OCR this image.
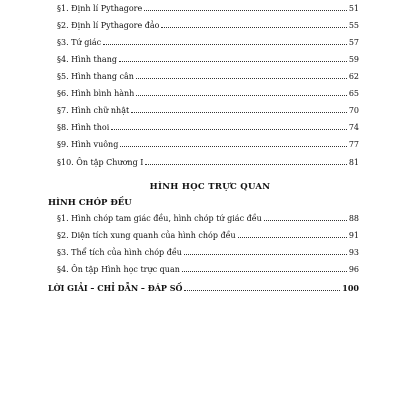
§1. Định lí Pythagore	51
§2. Định lí Pythagore đảo	55
§3. Tứ giác	57
§4. Hình thang	59
§5. Hình thang cân	62
§6. Hình bình hành	65
§7. Hình chữ nhật	70
§8. Hình thoi	74
§9. Hình vuông	77
§10. Ôn tập Chương I	81
HÌNH HỌC TRỰC QUAN
HÌNH CHÓP ĐỀU
§1. Hình chóp tam giác đều, hình chóp tứ giác đều	88
§2. Diện tích xung quanh của hình chóp đều	91
§3. Thể tích của hình chóp đều	93
§4. Ôn tập Hình học trực quan	96
LỜI GIẢI – CHỈ DẪN – ĐÁP SỐ	100
